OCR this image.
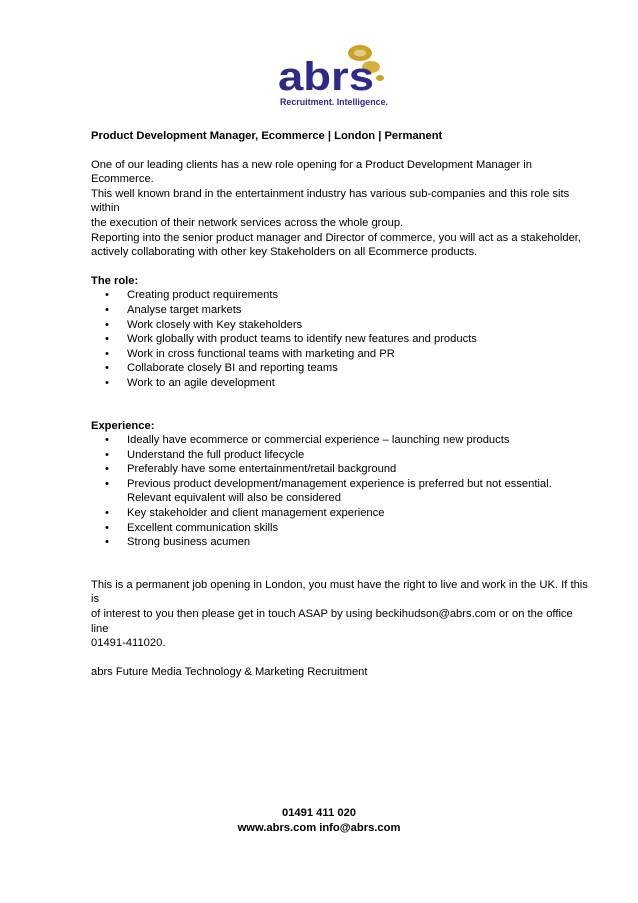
abrs
Recruitment. Intelligence.

Product Development Manager, Ecommerce | London | Permanent

One of our leading clients has a new role opening for a Product Development Manager in Ecommerce.

This well known brand in the entertainment industry has various sub-companies and this role sits within

the execution of their network services across the whole group.

Reporting into the senior product manager and Director of commerce, you will act as a stakeholder,

actively collaborating with other key Stakeholders on all Ecommerce products.

The role:

• Creating product requirements
• Analyse target markets
• Work closely with Key stakeholders
• Work globally with product teams to identify new features and products
• Work in cross functional teams with marketing and PR
• Collaborate closely BI and reporting teams
• Work to an agile development

Experience:

• Ideally have ecommerce or commercial experience – launching new products
• Understand the full product lifecycle
• Preferably have some entertainment/retail background
• Previous product development/management experience is preferred but not essential.
Relevant equivalent will also be considered
• Key stakeholder and client management experience
• Excellent communication skills
• Strong business acumen

This is a permanent job opening in London, you must have the right to live and work in the UK. If this is

of interest to you then please get in touch ASAP by using beckihudson@abrs.com or on the office line

01491-411020.

abrs Future Media Technology & Marketing Recruitment

01491 411 020
www.abrs.com info@abrs.com
